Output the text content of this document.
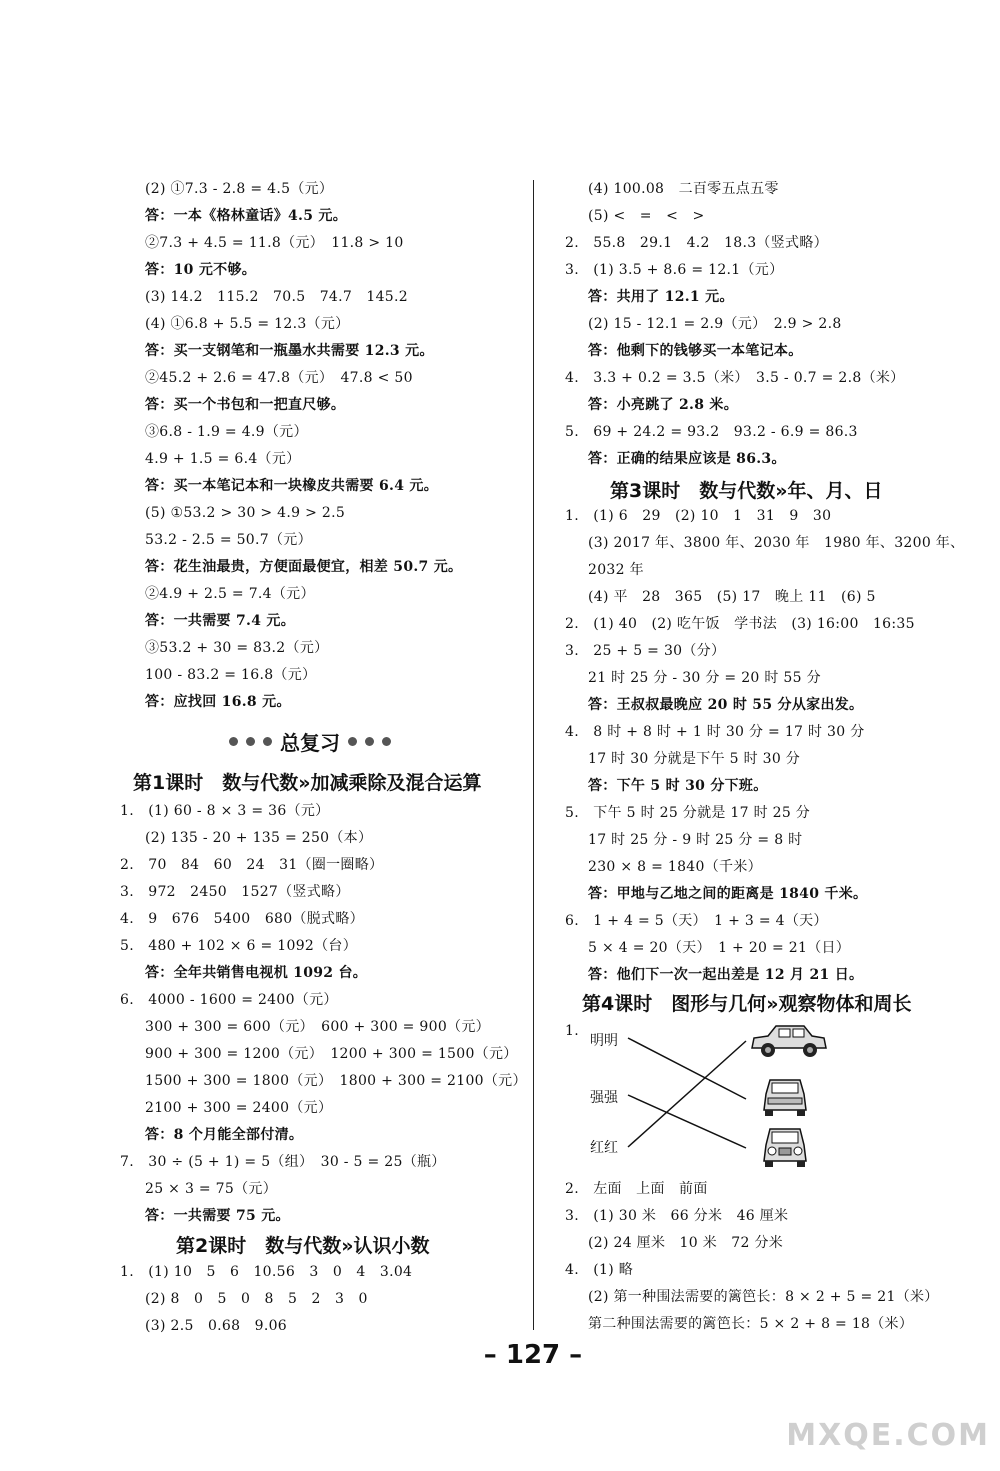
(2) ①7.3 - 2.8 = 4.5（元）
答：一本《格林童话》4.5 元。
②7.3 + 4.5 = 11.8（元）　11.8 > 10
答：10 元不够。
(3) 14.2　115.2　70.5　74.7　145.2
(4) ①6.8 + 5.5 = 12.3（元）
答：买一支钢笔和一瓶墨水共需要 12.3 元。
②45.2 + 2.6 = 47.8（元）　47.8 < 50
答：买一个书包和一把直尺够。
③6.8 - 1.9 = 4.9（元）
4.9 + 1.5 = 6.4（元）
答：买一本笔记本和一块橡皮共需要 6.4 元。
(5) ①53.2 > 30 > 4.9 > 2.5
53.2 - 2.5 = 50.7（元）
答：花生油最贵，方便面最便宜，相差 50.7 元。
②4.9 + 2.5 = 7.4（元）
答：一共需要 7.4 元。
③53.2 + 30 = 83.2（元）
100 - 83.2 = 16.8（元）
答：应找回 16.8 元。
总复习
第1课时　数与代数»加减乘除及混合运算
1.　(1) 60 - 8 × 3 = 36（元）
(2) 135 - 20 + 135 = 250（本）
2.　70　84　60　24　31（圈一圈略）
3.　972　2450　1527（竖式略）
4.　9　676　5400　680（脱式略）
5.　480 + 102 × 6 = 1092（台）
答：全年共销售电视机 1092 台。
6.　4000 - 1600 = 2400（元）
300 + 300 = 600（元）　600 + 300 = 900（元）
900 + 300 = 1200（元）　1200 + 300 = 1500（元）
1500 + 300 = 1800（元）　1800 + 300 = 2100（元）
2100 + 300 = 2400（元）
答：8 个月能全部付清。
7.　30 ÷ (5 + 1) = 5（组）　30 - 5 = 25（瓶）
25 × 3 = 75（元）
答：一共需要 75 元。
第2课时　数与代数»认识小数
1.　(1) 10　5　6　10.56　3　0　4　3.04
(2) 8　0　5　0　8　5　2　3　0
(3) 2.5　0.68　9.06
(4) 100.08　二百零五点五零
(5) <　=　<　>
2.　55.8　29.1　4.2　18.3（竖式略）
3.　(1) 3.5 + 8.6 = 12.1（元）
答：共用了 12.1 元。
(2) 15 - 12.1 = 2.9（元）　2.9 > 2.8
答：他剩下的钱够买一本笔记本。
4.　3.3 + 0.2 = 3.5（米）　3.5 - 0.7 = 2.8（米）
答：小亮跳了 2.8 米。
5.　69 + 24.2 = 93.2　93.2 - 6.9 = 86.3
答：正确的结果应该是 86.3。
第3课时　数与代数»年、月、日
1.　(1) 6　29　(2) 10　1　31　9　30
(3) 2017 年、3800 年、2030 年　1980 年、3200 年、
2032 年
(4) 平　28　365　(5) 17　晚上 11　(6) 5
2.　(1) 40　(2) 吃午饭　学书法　(3) 16:00　16:35
3.　25 + 5 = 30（分）
21 时 25 分 - 30 分 = 20 时 55 分
答：王叔叔最晚应 20 时 55 分从家出发。
4.　8 时 + 8 时 + 1 时 30 分 = 17 时 30 分
17 时 30 分就是下午 5 时 30 分
答：下午 5 时 30 分下班。
5.　下午 5 时 25 分就是 17 时 25 分
17 时 25 分 - 9 时 25 分 = 8 时
230 × 8 = 1840（千米）
答：甲地与乙地之间的距离是 1840 千米。
6.　1 + 4 = 5（天）　1 + 3 = 4（天）
5 × 4 = 20（天）　1 + 20 = 21（日）
答：他们下一次一起出差是 12 月 21 日。
第4课时　图形与几何»观察物体和周长
1.
明明
强强
红红
2.　左面　上面　前面
3.　(1) 30 米　66 分米　46 厘米
(2) 24 厘米　10 米　72 分米
4.　(1) 略
(2) 第一种围法需要的篱笆长：8 × 2 + 5 = 21（米）
第二种围法需要的篱笆长：5 × 2 + 8 = 18（米）
– 127 –
MXQE.COM
